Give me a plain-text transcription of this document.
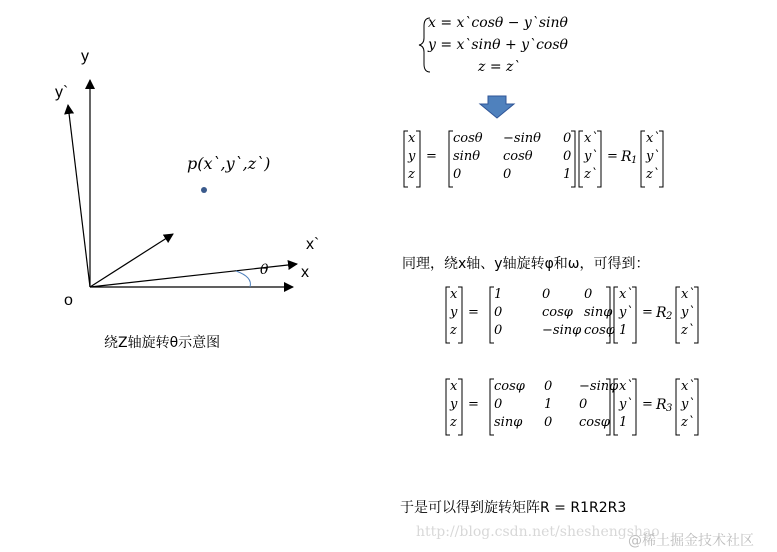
y
y`
x`
x
o
θ
p(x`,y`,z`)
绕Z轴旋转θ示意图
x = x`cosθ − y`sinθ
y = x`sinθ + y`cosθ
z = z`
x
y
z
=
cosθ −sinθ 0
sinθ cosθ 0
0	0	1
x`
y`
z`
= R 1
x`
y`
z`
同理，绕x轴、y轴旋转φ和ω，可得到：
x
y
z
=
1	0	0
0	cosφ sinφ
0	−sinφ cosφ
x`
y`
1
= R 2
x`
y`
z`
x
y
z
=
cosφ 0 −sinφ
0	1 0
sinφ 0 cosφ
x`
y`
1
= R 3
x`
y`
z`
于是可以得到旋转矩阵R = R1R2R3
http://blog.csdn.net/sheshengshao
@稀土掘金技术社区
